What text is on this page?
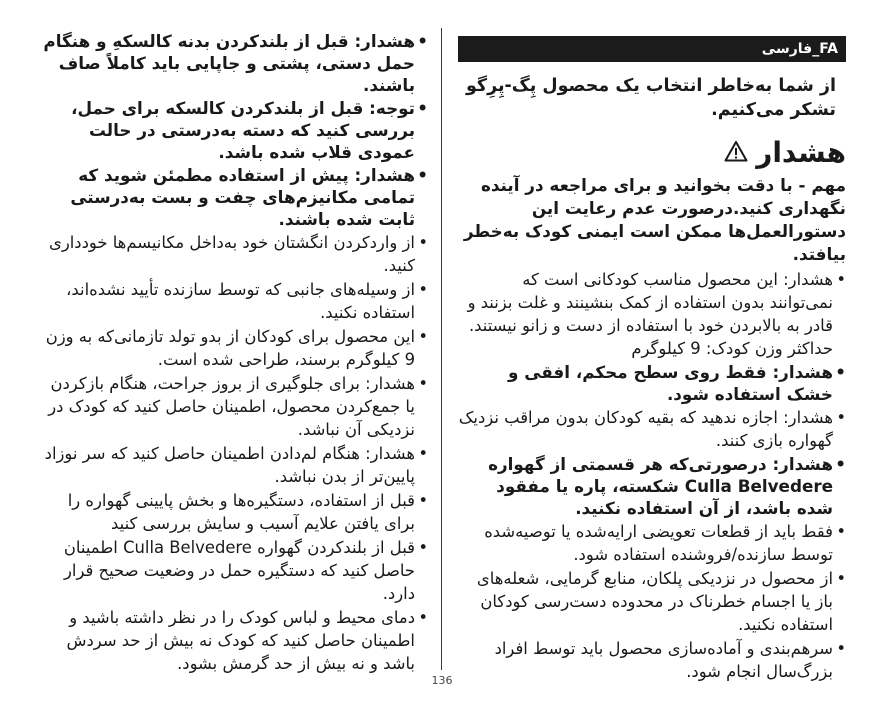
• هشدار: قبل از بلندکردن بدنه کالسکهِ و هنگام حمل دستی، پشتی و جاپایی باید کاملاً صاف باشند.
• توجه: قبل از بلندکردن کالسکه برای حمل، بررسی کنید که دسته به‌درستی در حالت عمودی قلاب شده باشد.
• هشدار: پیش از استفاده مطمئن شوید که تمامی مکانیزم‌های چفت و بست به‌درستی ثابت شده باشند.
• از واردکردن انگشتان خود به‌داخل مکانیسم‌ها خودداری کنید.
• از وسیله‌های جانبی که توسط سازنده تأیید نشده‌اند، استفاده نکنید.
• این محصول برای کودکان از بدو تولد تازمانی‌که به وزن 9 کیلوگرم برسند، طراحی شده است.
• هشدار: برای جلوگیری از بروز جراحت، هنگام بازکردن یا جمع‌کردن محصول، اطمینان حاصل کنید که کودک در نزدیکی آن نباشد.
• هشدار: هنگام لم‌دادن اطمینان حاصل کنید که سر نوزاد پایین‌تر از بدن نباشد.
• قبل از استفاده، دستگیره‌ها و بخش پایینی گهواره را برای یافتن علایم آسیب و سایش بررسی کنید
• قبل از بلندکردن گهواره Culla Belvedere اطمینان حاصل کنید که دستگیره حمل در وضعیت صحیح قرار دارد.
• دمای محیط و لباس کودک را در نظر داشته باشید و اطمینان حاصل کنید که کودک نه بیش از حد سردش باشد و نه بیش از حد گرمش بشود.
FA_فارسی
از شما به‌خاطر انتخاب یک محصول پِگ-پِرِگو تشکر می‌کنیم.
هشدار
مهم - با دقت بخوانید و برای مراجعه در آینده نگهداری کنید.درصورت عدم رعایت این دستورالعمل‌ها ممکن است ایمنی کودک به‌خطر بیافتد.
• هشدار: این محصول مناسب کودکانی است که نمی‌توانند بدون استفاده از کمک بنشینند و غلت بزنند و قادر به بالابردن خود با استفاده از دست و زانو نیستند. حداکثر وزن کودک: 9 کیلوگرم
• هشدار: فقط روی سطح محکم، افقی و خشک استفاده شود.
• هشدار: اجازه ندهید که بقیه کودکان بدون مراقب نزدیک گهواره بازی کنند.
• هشدار: درصورتی‌که هر قسمتی از گهواره Culla Belvedere شکسته، پاره یا مفقود شده باشد، از آن استفاده نکنید.
• فقط باید از قطعات تعویضی ارایه‌شده یا توصیه‌شده توسط سازنده/فروشنده استفاده شود.
• از محصول در نزدیکی پلکان، منابع گرمایی، شعله‌های باز یا اجسام خطرناک در محدوده دست‌رسی کودکان استفاده نکنید.
• سرهم‌بندی و آماده‌سازی محصول باید توسط افراد بزرگ‌سال انجام شود.
136
